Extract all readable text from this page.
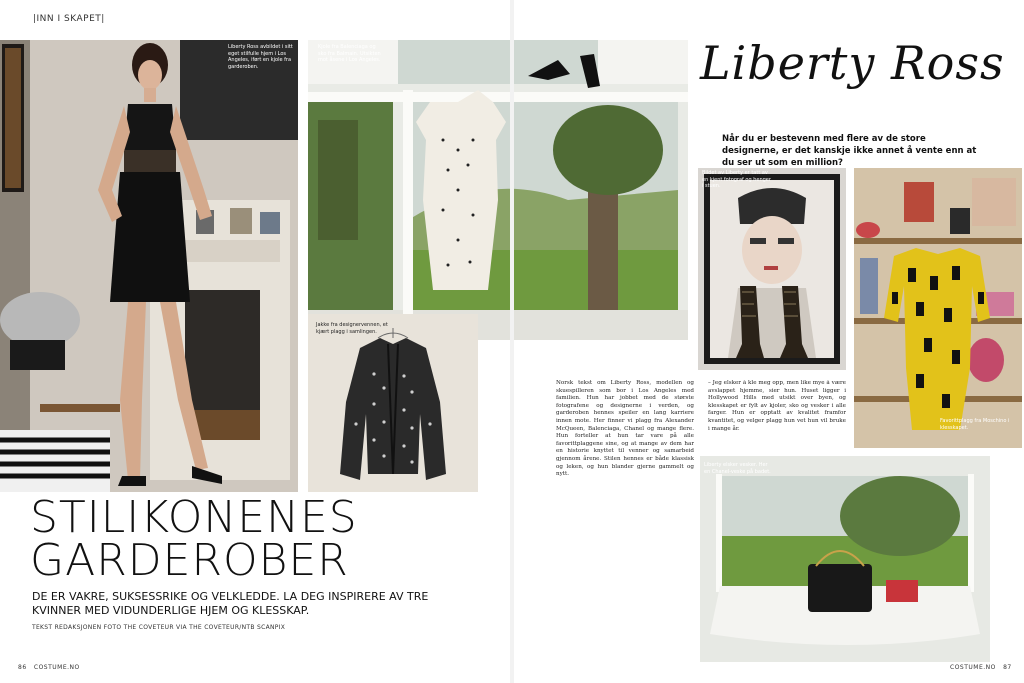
|INN I SKAPET|
Liberty Ross avbildet i sitt eget stilfulle hjem i Los Angeles, iført en kjole fra garderoben.
Kjole fra Balenciaga og sko fra Balmain. Utsikten mot åsene i Los Angeles.
Jakke fra designervennen, et kjært plagg i samlingen.
STILIKONENES
GARDEROBER
DE ER VAKRE, SUKSESSRIKE OG VELKLEDDE. LA DEG INSPIRERE AV TRE KVINNER MED VIDUNDERLIGE HJEM OG KLESSKAP.
TEKST REDAKSJONEN FOTO THE COVETEUR VIA THE COVETEUR/NTB SCANPIX
86 COSTUME.NO
Liberty Ross
Når du er bestevenn med flere av de store designerne, er det kanskje ikke annet å vente enn at du ser ut som en million?
Bildet av Liberty er tatt av en kjent fotograf og henger i stuen.
Favorittplagg fra Moschino i klesskapet.
Liberty elsker vesker. Her en Chanel-veske på badet.
Norsk tekst om Liberty Ross, modellen og skuespilleren som bor i Los Angeles med familien. Hun har jobbet med de største fotografene og designerne i verden, og garderoben hennes speiler en lang karriere innen mote. Her finner vi plagg fra Alexander McQueen, Balenciaga, Chanel og mange flere. Hun forteller at hun tar vare på alle favorittplaggene sine, og at mange av dem har en historie knyttet til venner og samarbeid gjennom årene. Stilen hennes er både klassisk og leken, og hun blander gjerne gammelt og nytt.
– Jeg elsker å kle meg opp, men like mye å være avslappet hjemme, sier hun. Huset ligger i Hollywood Hills med utsikt over byen, og klesskapet er fylt av kjoler, sko og vesker i alle farger. Hun er opptatt av kvalitet framfor kvantitet, og velger plagg hun vet hun vil bruke i mange år.
COSTUME.NO 87
